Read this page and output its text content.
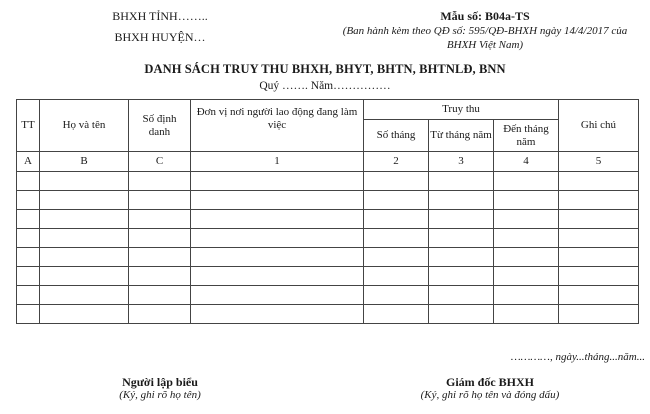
BHXH TỈNH……..
BHXH HUYỆN…
Mẫu số: B04a-TS
(Ban hành kèm theo QĐ số: 595/QĐ-BHXH ngày 14/4/2017 của
BHXH Việt Nam)
DANH SÁCH TRUY THU BHXH, BHYT, BHTN, BHTNLĐ, BNN
Quý ……. Năm……………
TT	Họ và tên	Số định danh	Đơn vị nơi người lao động đang làm việc	Truy thu			Ghi chú
				Số tháng	Từ tháng năm	Đến tháng năm	
A	B	C	1	2	3	4	5

…………, ngày...tháng...năm...
Người lập biểu
(Ký, ghi rõ họ tên)
Giám đốc BHXH
(Ký, ghi rõ họ tên và đóng dấu)
